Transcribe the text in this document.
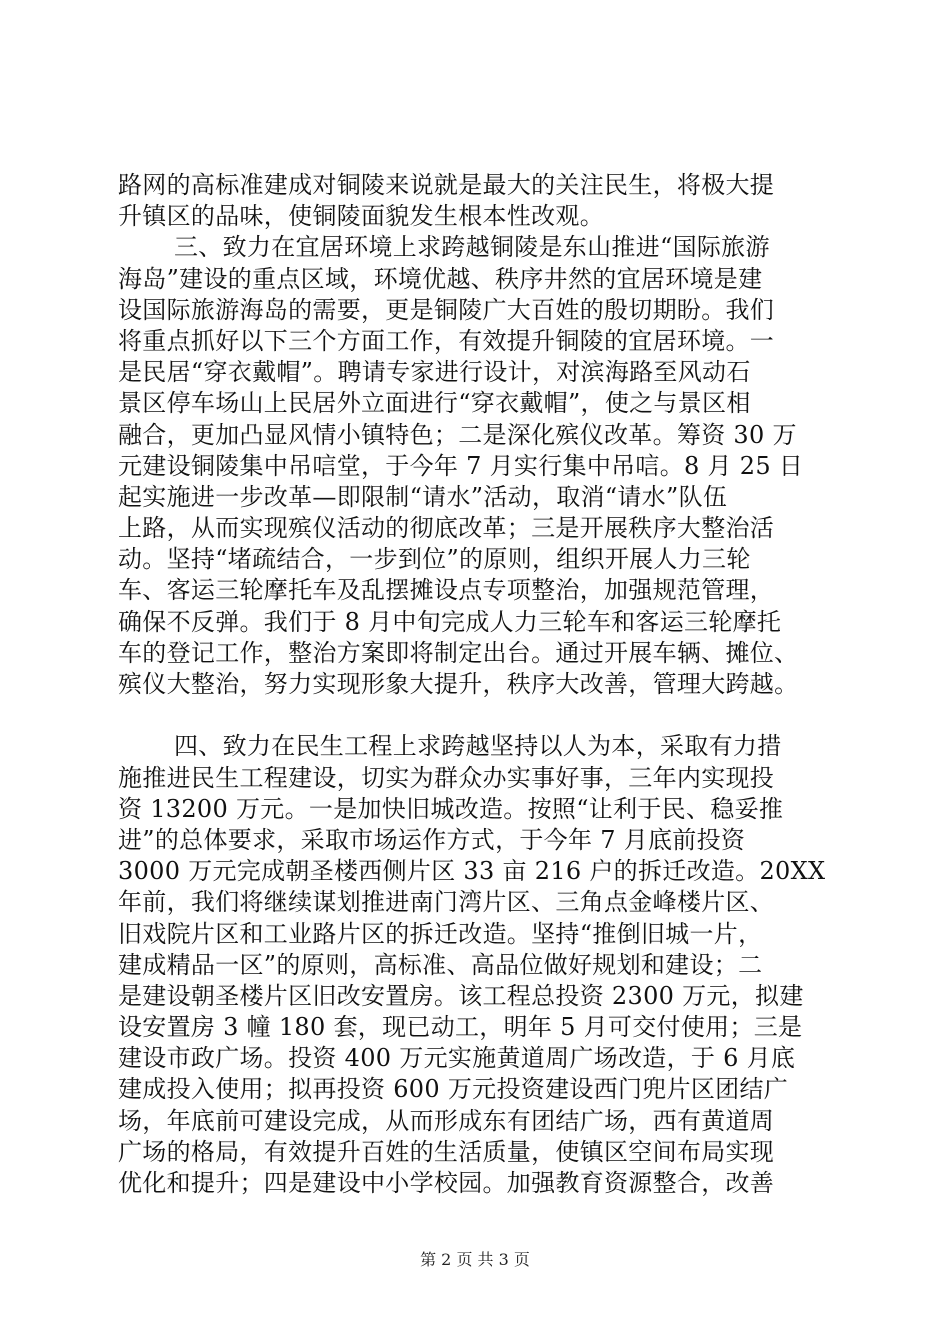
路网的高标准建成对铜陵来说就是最大的关注民生，将极大提
升镇区的品味，使铜陵面貌发生根本性改观。
三、致力在宜居环境上求跨越铜陵是东山推进“国际旅游
海岛”建设的重点区域，环境优越、秩序井然的宜居环境是建
设国际旅游海岛的需要，更是铜陵广大百姓的殷切期盼。我们
将重点抓好以下三个方面工作，有效提升铜陵的宜居环境。一
是民居“穿衣戴帽”。聘请专家进行设计，对滨海路至风动石
景区停车场山上民居外立面进行“穿衣戴帽”，使之与景区相
融合，更加凸显风情小镇特色；二是深化殡仪改革。筹资 30 万
元建设铜陵集中吊唁堂，于今年 7 月实行集中吊唁。8 月 25 日
起实施进一步改革—即限制“请水”活动，取消“请水”队伍
上路，从而实现殡仪活动的彻底改革；三是开展秩序大整治活
动。坚持“堵疏结合，一步到位”的原则，组织开展人力三轮
车、客运三轮摩托车及乱摆摊设点专项整治，加强规范管理，
确保不反弹。我们于 8 月中旬完成人力三轮车和客运三轮摩托
车的登记工作，整治方案即将制定出台。通过开展车辆、摊位、
殡仪大整治，努力实现形象大提升，秩序大改善，管理大跨越。
四、致力在民生工程上求跨越坚持以人为本，采取有力措
施推进民生工程建设，切实为群众办实事好事，三年内实现投
资 13200 万元。一是加快旧城改造。按照“让利于民、稳妥推
进”的总体要求，采取市场运作方式，于今年 7 月底前投资
3000 万元完成朝圣楼西侧片区 33 亩 216 户的拆迁改造。20XX
年前，我们将继续谋划推进南门湾片区、三角点金峰楼片区、
旧戏院片区和工业路片区的拆迁改造。坚持“推倒旧城一片，
建成精品一区”的原则，高标准、高品位做好规划和建设；二
是建设朝圣楼片区旧改安置房。该工程总投资 2300 万元，拟建
设安置房 3 幢 180 套，现已动工，明年 5 月可交付使用；三是
建设市政广场。投资 400 万元实施黄道周广场改造，于 6 月底
建成投入使用；拟再投资 600 万元投资建设西门兜片区团结广
场，年底前可建设完成，从而形成东有团结广场，西有黄道周
广场的格局，有效提升百姓的生活质量，使镇区空间布局实现
优化和提升；四是建设中小学校园。加强教育资源整合，改善
第 2 页 共 3 页
